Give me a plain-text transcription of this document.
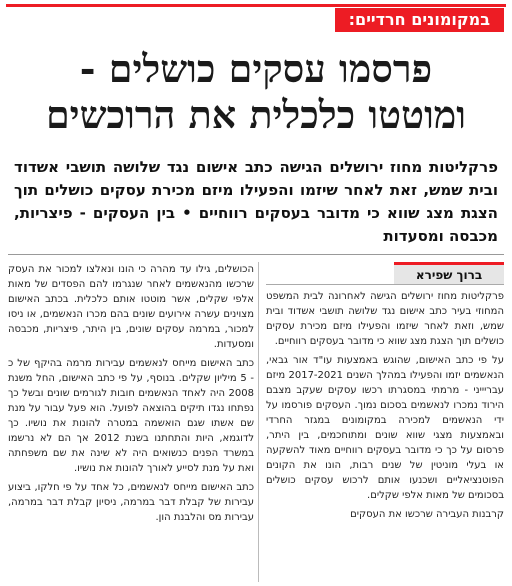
במקומונים חרדיים:
פרסמו עסקים כושלים -
ומוטטו כלכלית את הרוכשים
פרקליטות מחוז ירושלים הגישה כתב אישום נגד שלושה תושבי אשדוד ובית שמש, זאת לאחר שיזמו והפעילו מיזם מכירת עסקים כושלים תוך הצגת מצג שווא כי מדובר בעסקים רווחיים • בין העסקים - פיצריות, מכבסה ומסעדות
ברוך שפירא

פרקליטות מחוז ירושלים הגישה לאחרונה לבית המשפט המחוזי בעיר כתב אישום נגד שלושה תושבי אשדוד ובית שמש, וזאת לאחר שיזמו והפעילו מיזם מכירת עסקים כושלים תוך הצגת מצג שווא כי מדובר בעסקים רווחיים.

על פי כתב האישום, שהוגש באמצעות עו"ד אור גבאי, הנאשמים יזמו והפעילו במהלך השנים 2017-2021 מיזם עבריייני - מרמתי במסגרתו רכשו עסקים שעקב מצבם הירוד נמכרו לנאשמים בסכום נמוך. העסקים פורסמו על ידי הנאשמים למכירה במקומונים במגזר החרדי ובאמצעות מצגי שווא שונים ומתוחכמים, בין היתר, פרסום על כך כי מדובר בעסקים רווחיים מאוד להשקעה או בעלי מוניטין של שנים רבות, הונו את הקונים הפוטנציאליים ושכנעו אותם לרכוש עסקים כושלים בסכומים של מאות אלפי שקלים.

קרבנות העבירה שרכשו את העסקים

הכושלים, גילו עד מהרה כי הונו ונאלצו למכור את העסק שרכשו מהנאשמים לאחר שנגרמו להם הפסדים של מאות אלפי שקלים, אשר מוטטו אותם כלכלית. בכתב האישום מצוינים עשרה אירועים שונים בהם מכרו הנאשמים, או ניסו למכור, במרמה עסקים שונים, בין היתר, פיצריות, מכבסה ומסעדות.

כתב האישום מייחס לנאשמים עבירות מרמה בהיקף של כ - 5 מיליון שקלים. בנוסף, על פי כתב האישום, החל משנת 2008 היה לאחד הנאשמים חובות לגורמים שונים ובשל כך נפתחו נגדו תיקים בהוצאה לפועל. הוא פעל עבור על מנת שם אשתו שגם הואשמה במטרה להונות את נושיו. כך לדוגמא, היות והתחתנו בשנת 2012 אך הם לא נרשמו במשרד הפנים כנשואים היה לא שינה את שם משפחתה ואת על מנת לסייע לאורך להונות את נושיו.

כתב האישום מייחס לנאשמים, כל אחד על פי חלקו, ביצוע עבירות של קבלת דבר במרמה, ניסיון קבלת דבר במרמה, עבירות מס והלבנת הון.
